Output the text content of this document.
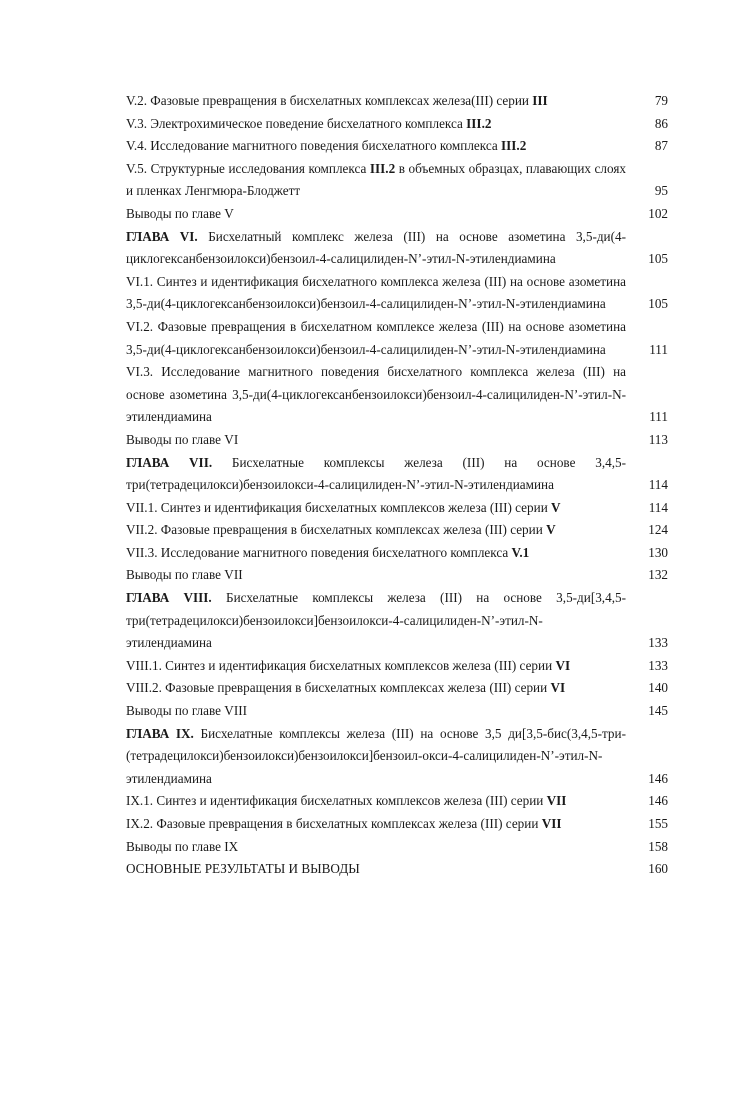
V.2. Фазовые превращения в бисхелатных комплексах железа(III) серии III	79
V.3. Электрохимическое поведение бисхелатного комплекса III.2	86
V.4. Исследование магнитного поведения бисхелатного комплекса III.2	87
V.5. Структурные исследования комплекса III.2 в объемных образцах, плавающих слоях и пленках Ленгмюра-Блоджетт	95
Выводы по главе V	102
ГЛАВА VI. Бисхелатный комплекс железа (III) на основе азометина 3,5-ди(4-циклогексанбензоилокси)бензоил-4-салицилиден-N’-этил-N-этилендиамина	105
VI.1. Синтез и идентификация бисхелатного комплекса железа (III) на основе азометина 3,5-ди(4-циклогексанбензоилокси)бензоил-4-салицилиден-N’-этил-N-этилендиамина	105
VI.2. Фазовые превращения в бисхелатном комплексе железа (III) на основе азометина 3,5-ди(4-циклогексанбензоилокси)бензоил-4-салицилиден-N’-этил-N-этилендиамина	111
VI.3. Исследование магнитного поведения бисхелатного комплекса железа (III) на основе азометина 3,5-ди(4-циклогексанбензоилокси)бензоил-4-салицилиден-N’-этил-N-этилендиамина	111
Выводы по главе VI	113
ГЛАВА VII. Бисхелатные комплексы железа (III) на основе 3,4,5-три(тетрадецилокси)бензоилокси-4-салицилиден-N’-этил-N-этилендиамина	114
VII.1. Синтез и идентификация бисхелатных комплексов железа (III) серии V	114
VII.2. Фазовые превращения в бисхелатных комплексах железа (III) серии V	124
VII.3. Исследование магнитного поведения бисхелатного комплекса V.1	130
Выводы по главе VII	132
ГЛАВА VIII. Бисхелатные комплексы железа (III) на основе 3,5-ди[3,4,5-три(тетрадецилокси)бензоилокси]бензоилокси-4-салицилиден-N’-этил-N-этилендиамина	133
VIII.1. Синтез и идентификация бисхелатных комплексов железа (III) серии VI	133
VIII.2. Фазовые превращения в бисхелатных комплексах железа (III) серии VI	140
Выводы по главе VIII	145
ГЛАВА IX. Бисхелатные комплексы железа (III) на основе 3,5 ди[3,5-бис(3,4,5-три-(тетрадецилокси)бензоилокси)бензоилокси]бензоил-окси-4-салицилиден-N’-этил-N-этилендиамина	146
IX.1. Синтез и идентификация бисхелатных комплексов железа (III) серии VII	146
IX.2. Фазовые превращения в бисхелатных комплексах железа (III) серии VII	155
Выводы по главе IX	158
ОСНОВНЫЕ РЕЗУЛЬТАТЫ И ВЫВОДЫ	160
